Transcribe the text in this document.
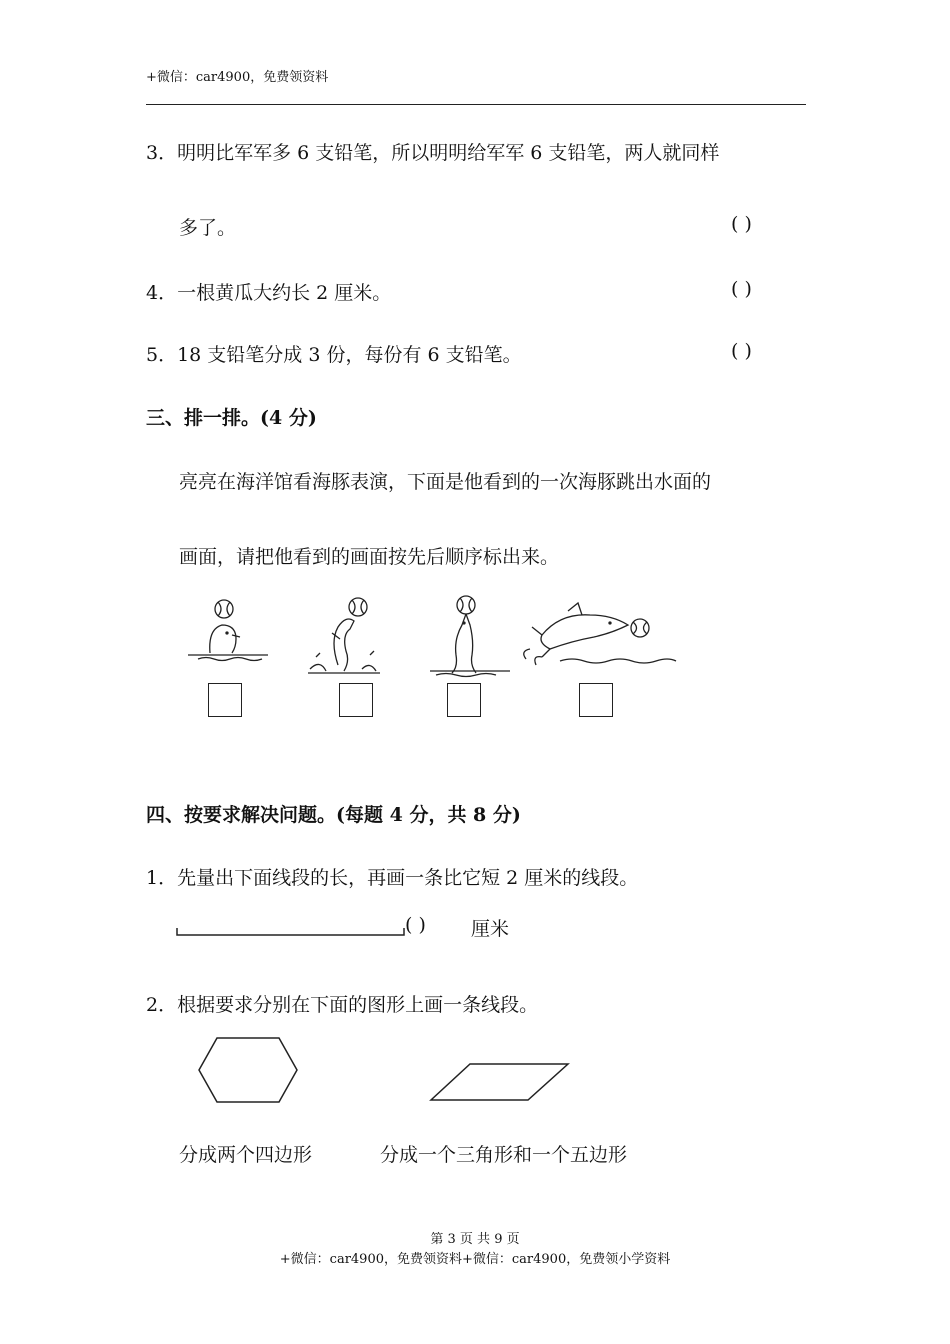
+微信：car4900，免费领资料
3．明明比军军多 6 支铅笔，所以明明给军军 6 支铅笔，两人就同样
多了。	( )
4．一根黄瓜大约长 2 厘米。	( )
5．18 支铅笔分成 3 份，每份有 6 支铅笔。	( )
三、排一排。(4 分)
亮亮在海洋馆看海豚表演，下面是他看到的一次海豚跳出水面的
画面，请把他看到的画面按先后顺序标出来。
四、按要求解决问题。(每题 4 分，共 8 分)
1．先量出下面线段的长，再画一条比它短 2 厘米的线段。
( ) 厘米
2．根据要求分别在下面的图形上画一条线段。
分成两个四边形	分成一个三角形和一个五边形
第 3 页 共 9 页
+微信：car4900，免费领资料+微信：car4900，免费领小学资料
